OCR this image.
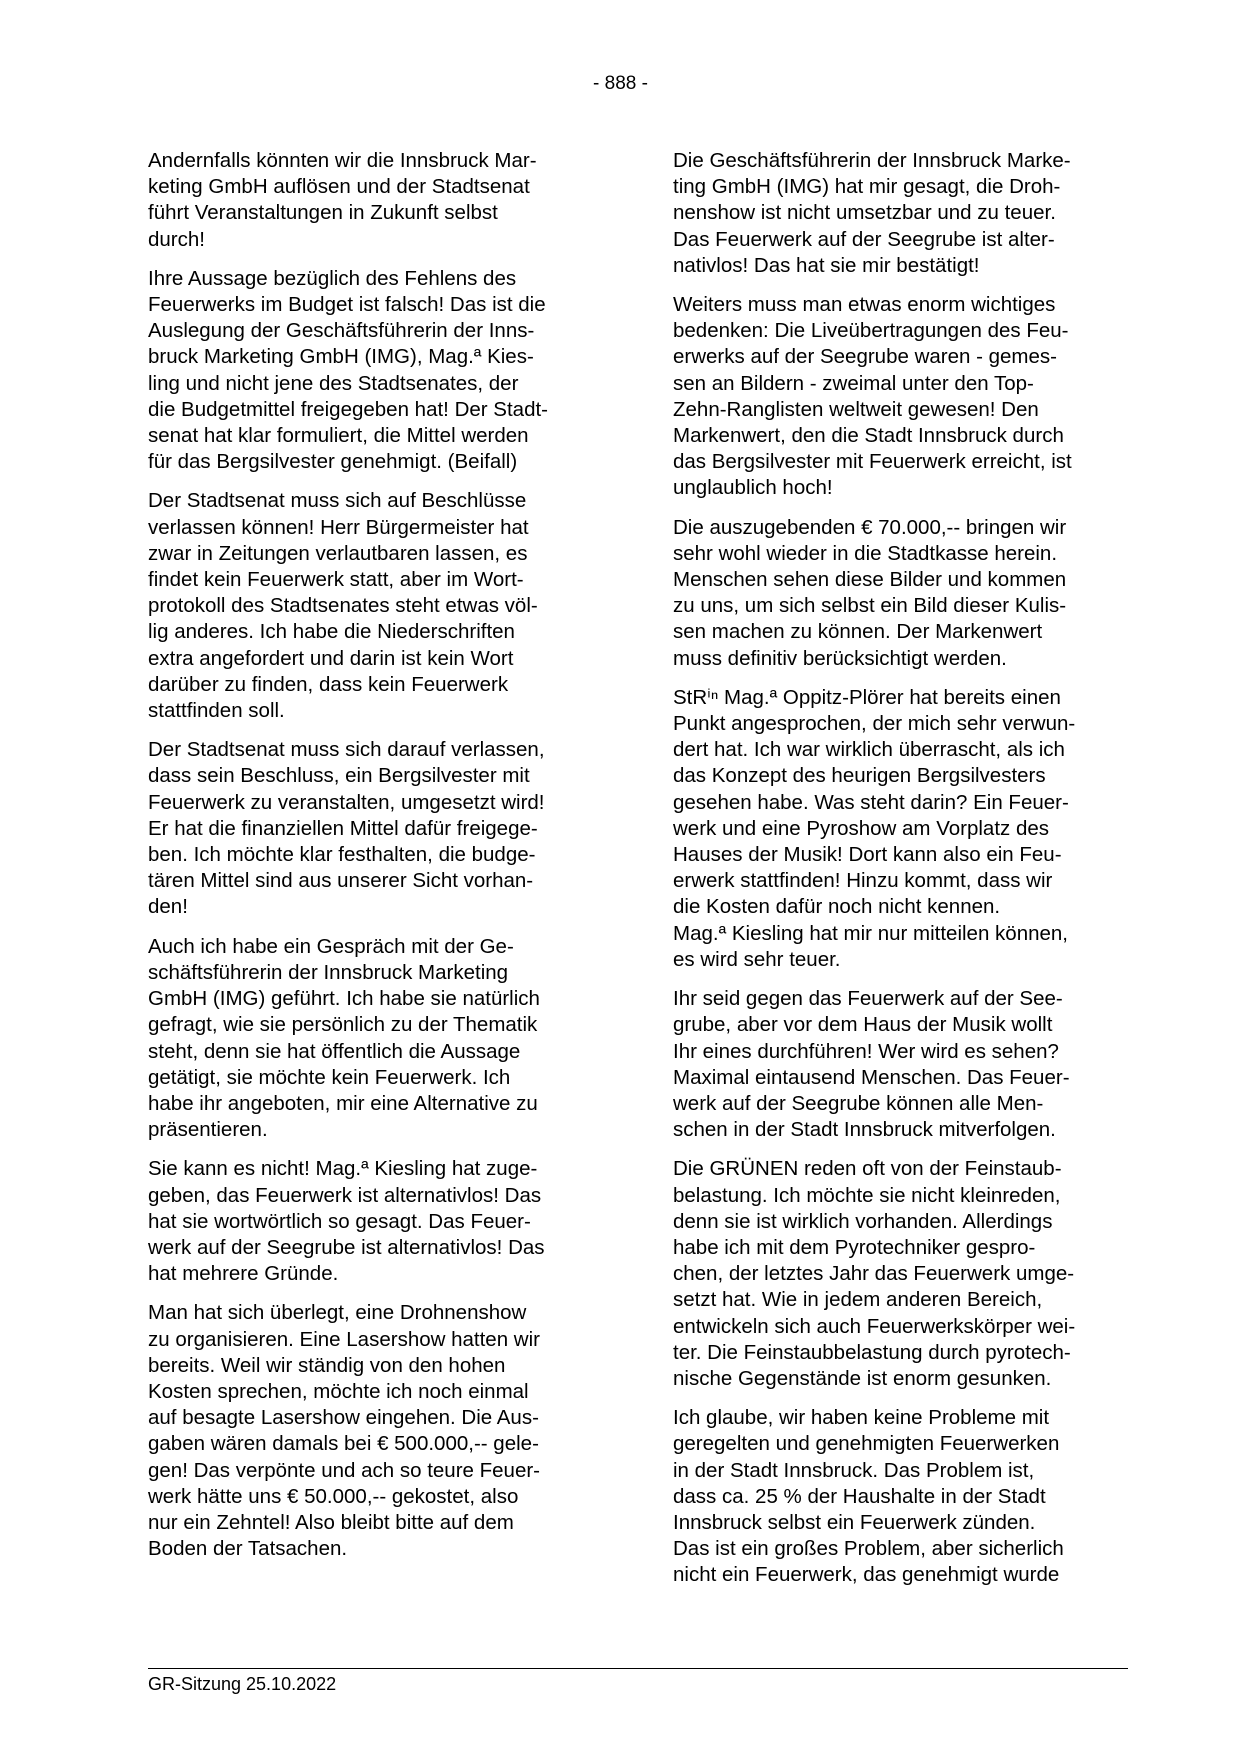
- 888 -

Andernfalls könnten wir die Innsbruck Mar-
keting GmbH auflösen und der Stadtsenat
führt Veranstaltungen in Zukunft selbst
durch!

Ihre Aussage bezüglich des Fehlens des
Feuerwerks im Budget ist falsch! Das ist die
Auslegung der Geschäftsführerin der Inns-
bruck Marketing GmbH (IMG), Mag.ª Kies-
ling und nicht jene des Stadtsenates, der
die Budgetmittel freigegeben hat! Der Stadt-
senat hat klar formuliert, die Mittel werden
für das Bergsilvester genehmigt. (Beifall)

Der Stadtsenat muss sich auf Beschlüsse
verlassen können! Herr Bürgermeister hat
zwar in Zeitungen verlautbaren lassen, es
findet kein Feuerwerk statt, aber im Wort-
protokoll des Stadtsenates steht etwas völ-
lig anderes. Ich habe die Niederschriften
extra angefordert und darin ist kein Wort
darüber zu finden, dass kein Feuerwerk
stattfinden soll.

Der Stadtsenat muss sich darauf verlassen,
dass sein Beschluss, ein Bergsilvester mit
Feuerwerk zu veranstalten, umgesetzt wird!
Er hat die finanziellen Mittel dafür freigege-
ben. Ich möchte klar festhalten, die budge-
tären Mittel sind aus unserer Sicht vorhan-
den!

Auch ich habe ein Gespräch mit der Ge-
schäftsführerin der Innsbruck Marketing
GmbH (IMG) geführt. Ich habe sie natürlich
gefragt, wie sie persönlich zu der Thematik
steht, denn sie hat öffentlich die Aussage
getätigt, sie möchte kein Feuerwerk. Ich
habe ihr angeboten, mir eine Alternative zu
präsentieren.

Sie kann es nicht! Mag.ª Kiesling hat zuge-
geben, das Feuerwerk ist alternativlos! Das
hat sie wortwörtlich so gesagt. Das Feuer-
werk auf der Seegrube ist alternativlos! Das
hat mehrere Gründe.

Man hat sich überlegt, eine Drohnenshow
zu organisieren. Eine Lasershow hatten wir
bereits. Weil wir ständig von den hohen
Kosten sprechen, möchte ich noch einmal
auf besagte Lasershow eingehen. Die Aus-
gaben wären damals bei € 500.000,-- gele-
gen! Das verpönte und ach so teure Feuer-
werk hätte uns € 50.000,-- gekostet, also
nur ein Zehntel! Also bleibt bitte auf dem
Boden der Tatsachen.

Die Geschäftsführerin der Innsbruck Marke-
ting GmbH (IMG) hat mir gesagt, die Droh-
nenshow ist nicht umsetzbar und zu teuer.
Das Feuerwerk auf der Seegrube ist alter-
nativlos! Das hat sie mir bestätigt!

Weiters muss man etwas enorm wichtiges
bedenken: Die Liveübertragungen des Feu-
erwerks auf der Seegrube waren - gemes-
sen an Bildern - zweimal unter den Top-
Zehn-Ranglisten weltweit gewesen! Den
Markenwert, den die Stadt Innsbruck durch
das Bergsilvester mit Feuerwerk erreicht, ist
unglaublich hoch!

Die auszugebenden € 70.000,-- bringen wir
sehr wohl wieder in die Stadtkasse herein.
Menschen sehen diese Bilder und kommen
zu uns, um sich selbst ein Bild dieser Kulis-
sen machen zu können. Der Markenwert
muss definitiv berücksichtigt werden.

StRⁱⁿ Mag.ª Oppitz-Plörer hat bereits einen
Punkt angesprochen, der mich sehr verwun-
dert hat. Ich war wirklich überrascht, als ich
das Konzept des heurigen Bergsilvesters
gesehen habe. Was steht darin? Ein Feuer-
werk und eine Pyroshow am Vorplatz des
Hauses der Musik! Dort kann also ein Feu-
erwerk stattfinden! Hinzu kommt, dass wir
die Kosten dafür noch nicht kennen.
Mag.ª Kiesling hat mir nur mitteilen können,
es wird sehr teuer.

Ihr seid gegen das Feuerwerk auf der See-
grube, aber vor dem Haus der Musik wollt
Ihr eines durchführen! Wer wird es sehen?
Maximal eintausend Menschen. Das Feuer-
werk auf der Seegrube können alle Men-
schen in der Stadt Innsbruck mitverfolgen.

Die GRÜNEN reden oft von der Feinstaub-
belastung. Ich möchte sie nicht kleinreden,
denn sie ist wirklich vorhanden. Allerdings
habe ich mit dem Pyrotechniker gespro-
chen, der letztes Jahr das Feuerwerk umge-
setzt hat. Wie in jedem anderen Bereich,
entwickeln sich auch Feuerwerkskörper wei-
ter. Die Feinstaubbelastung durch pyrotech-
nische Gegenstände ist enorm gesunken.

Ich glaube, wir haben keine Probleme mit
geregelten und genehmigten Feuerwerken
in der Stadt Innsbruck. Das Problem ist,
dass ca. 25 % der Haushalte in der Stadt
Innsbruck selbst ein Feuerwerk zünden.
Das ist ein großes Problem, aber sicherlich
nicht ein Feuerwerk, das genehmigt wurde

GR-Sitzung 25.10.2022
